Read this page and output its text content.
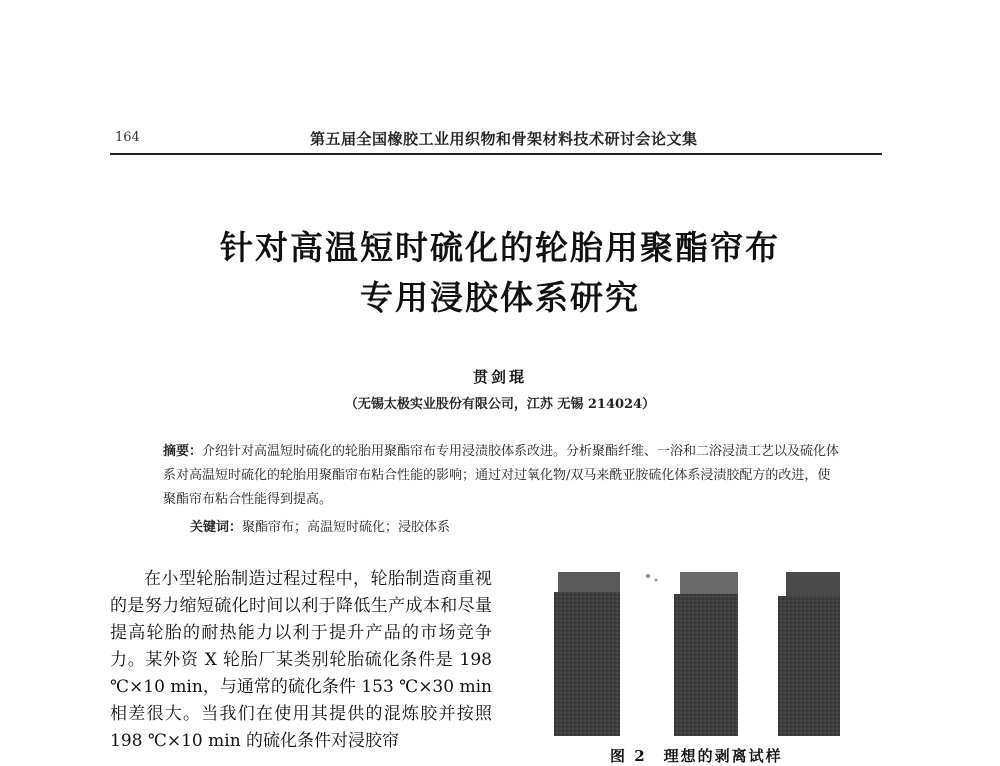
164	第五届全国橡胶工业用织物和骨架材料技术研讨会论文集
针对高温短时硫化的轮胎用聚酯帘布
专用浸胶体系研究
贯剑琨
（无锡太极实业股份有限公司，江苏 无锡 214024）
摘要：介绍针对高温短时硫化的轮胎用聚酯帘布专用浸渍胶体系改进。分析聚酯纤维、一浴和二浴浸渍工艺以及硫化体系对高温短时硫化的轮胎用聚酯帘布粘合性能的影响；通过对过氧化物/双马来酰亚胺硫化体系浸渍胶配方的改进，使聚酯帘布粘合性能得到提高。
关键词：聚酯帘布；高温短时硫化；浸胶体系

在小型轮胎制造过程过程中，轮胎制造商重视的是努力缩短硫化时间以利于降低生产成本和尽量提高轮胎的耐热能力以利于提升产品的市场竞争力。某外资 X 轮胎厂某类别轮胎硫化条件是 198 ℃×10 min，与通常的硫化条件 153 ℃×30 min 相差很大。当我们在使用其提供的混炼胶并按照 198 ℃×10 min 的硫化条件对浸胶帘

图 2　理想的剥离试样
